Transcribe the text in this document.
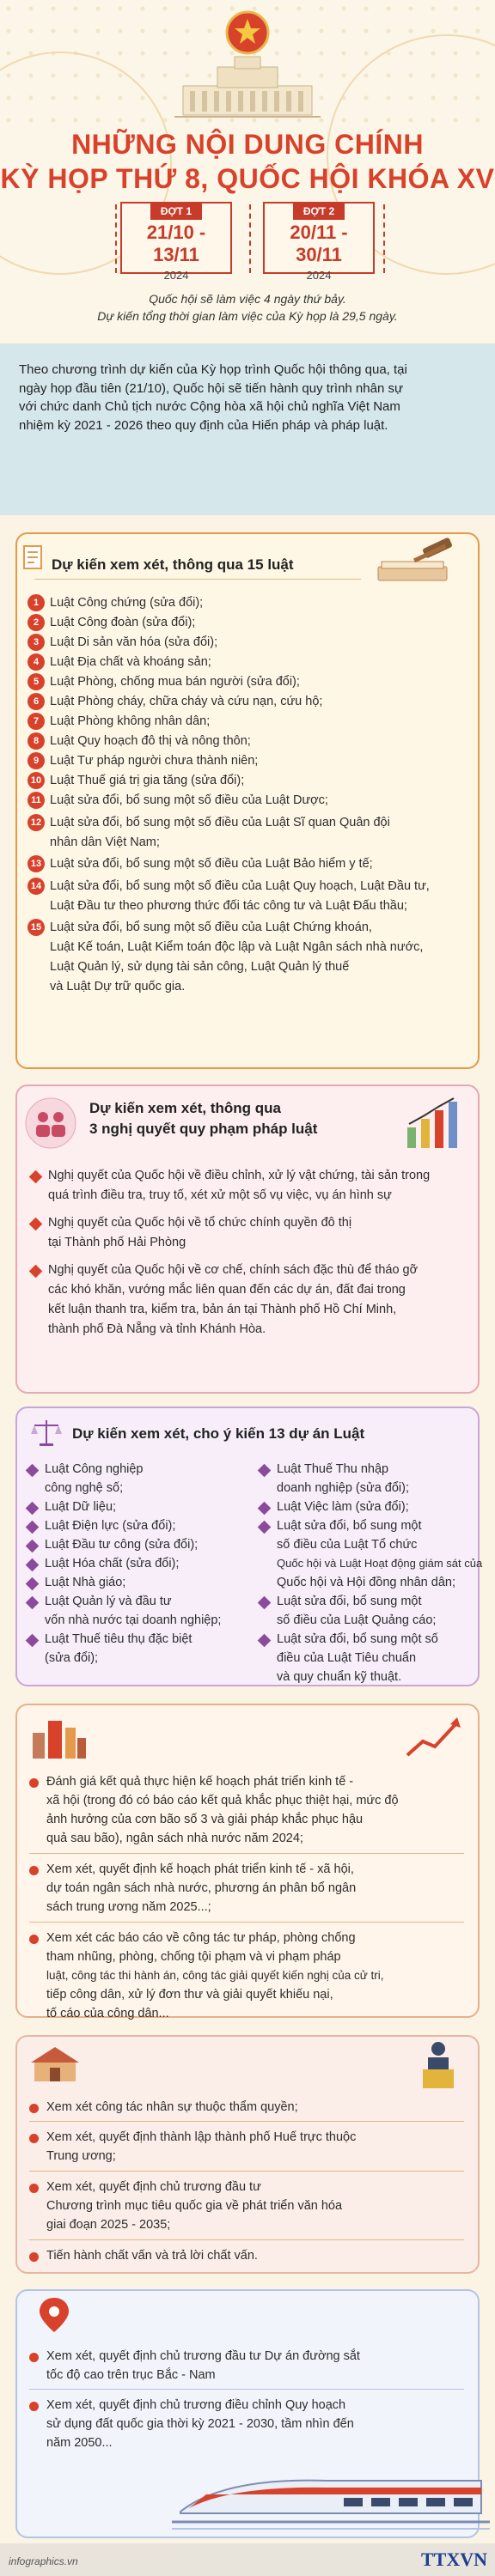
NHỮNG NỘI DUNG CHÍNH
KỲ HỌP THỨ 8, QUỐC HỘI KHÓA XV
ĐỢT 1
21/10 - 13/11
2024
ĐỢT 2
20/11 - 30/11
2024
Quốc hội sẽ làm việc 4 ngày thứ bảy.
Dự kiến tổng thời gian làm việc của Kỳ họp là 29,5 ngày.

Theo chương trình dự kiến của Kỳ họp trình Quốc hội thông qua, tại

ngày họp đầu tiên (21/10), Quốc hội sẽ tiến hành quy trình nhân sự

với chức danh Chủ tịch nước Cộng hòa xã hội chủ nghĩa Việt Nam

nhiệm kỳ 2021 - 2026 theo quy định của Hiến pháp và pháp luật.

Dự kiến xem xét, thông qua 15 luật
1 Luật Công chứng (sửa đổi);
2 Luật Công đoàn (sửa đổi);
3 Luật Di sản văn hóa (sửa đổi);
4 Luật Địa chất và khoáng sản;
5 Luật Phòng, chống mua bán người (sửa đổi);
6 Luật Phòng cháy, chữa cháy và cứu nạn, cứu hộ;
7 Luật Phòng không nhân dân;
8 Luật Quy hoạch đô thị và nông thôn;
9 Luật Tư pháp người chưa thành niên;
10 Luật Thuế giá trị gia tăng (sửa đổi);
11 Luật sửa đổi, bổ sung một số điều của Luật Dược;
12 Luật sửa đổi, bổ sung một số điều của Luật Sĩ quan Quân đội
nhân dân Việt Nam;
13 Luật sửa đổi, bổ sung một số điều của Luật Bảo hiểm y tế;
14 Luật sửa đổi, bổ sung một số điều của Luật Quy hoạch, Luật Đầu tư,
Luật Đầu tư theo phương thức đối tác công tư và Luật Đấu thầu;
15 Luật sửa đổi, bổ sung một số điều của Luật Chứng khoán,
Luật Kế toán, Luật Kiểm toán độc lập và Luật Ngân sách nhà nước,
Luật Quản lý, sử dụng tài sản công, Luật Quản lý thuế
và Luật Dự trữ quốc gia.
Dự kiến xem xét, thông qua
3 nghị quyết quy phạm pháp luật
Nghị quyết của Quốc hội về điều chỉnh, xử lý vật chứng, tài sản trong
quá trình điều tra, truy tố, xét xử một số vụ việc, vụ án hình sự
Nghị quyết của Quốc hội về tổ chức chính quyền đô thị
tại Thành phố Hải Phòng
Nghị quyết của Quốc hội về cơ chế, chính sách đặc thù để tháo gỡ
các khó khăn, vướng mắc liên quan đến các dự án, đất đai trong
kết luận thanh tra, kiểm tra, bản án tại Thành phố Hồ Chí Minh,
thành phố Đà Nẵng và tỉnh Khánh Hòa.
Dự kiến xem xét, cho ý kiến 13 dự án Luật
Luật Công nghiệp
công nghệ số;
Luật Dữ liệu;
Luật Điện lực (sửa đổi);
Luật Đầu tư công (sửa đổi);
Luật Hóa chất (sửa đổi);
Luật Nhà giáo;
Luật Quản lý và đầu tư
vốn nhà nước tại doanh nghiệp;
Luật Thuế tiêu thụ đặc biệt
(sửa đổi);
Luật Thuế Thu nhập
doanh nghiệp (sửa đổi);
Luật Việc làm (sửa đổi);
Luật sửa đổi, bổ sung một
số điều của Luật Tổ chức
Quốc hội và Luật Hoạt động giám sát của
Quốc hội và Hội đồng nhân dân;
Luật sửa đổi, bổ sung một
số điều của Luật Quảng cáo;
Luật sửa đổi, bổ sung một số
điều của Luật Tiêu chuẩn
và quy chuẩn kỹ thuật.
Đánh giá kết quả thực hiện kế hoạch phát triển kinh tế -
xã hội (trong đó có báo cáo kết quả khắc phục thiệt hại, mức độ
ảnh hưởng của cơn bão số 3 và giải pháp khắc phục hậu
quả sau bão), ngân sách nhà nước năm 2024;
Xem xét, quyết định kế hoạch phát triển kinh tế - xã hội,
dự toán ngân sách nhà nước, phương án phân bổ ngân
sách trung ương năm 2025...;
Xem xét các báo cáo về công tác tư pháp, phòng chống
tham nhũng, phòng, chống tội phạm và vi phạm pháp
luật, công tác thi hành án, công tác giải quyết kiến nghị của cử tri,
tiếp công dân, xử lý đơn thư và giải quyết khiếu nại,
tố cáo của công dân...
Xem xét công tác nhân sự thuộc thẩm quyền;
Xem xét, quyết định thành lập thành phố Huế trực thuộc
Trung ương;
Xem xét, quyết định chủ trương đầu tư
Chương trình mục tiêu quốc gia về phát triển văn hóa
giai đoạn 2025 - 2035;
Tiến hành chất vấn và trả lời chất vấn.
Xem xét, quyết định chủ trương đầu tư Dự án đường sắt
tốc độ cao trên trục Bắc - Nam
Xem xét, quyết định chủ trương điều chỉnh Quy hoạch
sử dụng đất quốc gia thời kỳ 2021 - 2030, tầm nhìn đến
năm 2050...
infographics.vn	TTXVN
